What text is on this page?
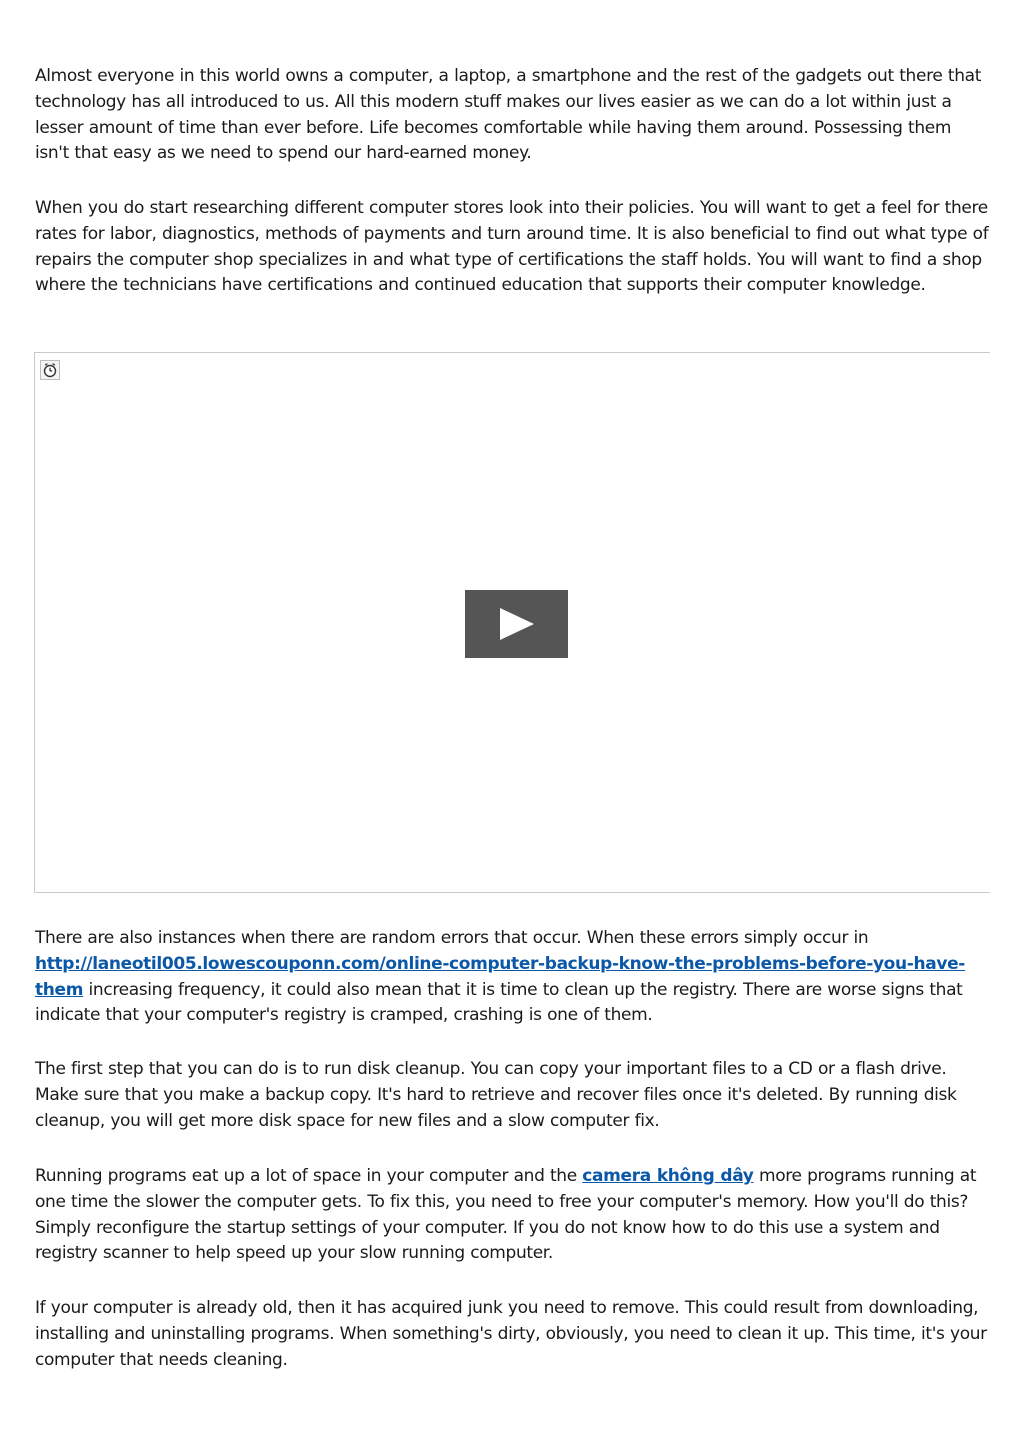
Almost everyone in this world owns a computer, a laptop, a smartphone and the rest of the gadgets out there that technology has all introduced to us. All this modern stuff makes our lives easier as we can do a lot within just a lesser amount of time than ever before. Life becomes comfortable while having them around. Possessing them isn't that easy as we need to spend our hard-earned money.

When you do start researching different computer stores look into their policies. You will want to get a feel for there rates for labor, diagnostics, methods of payments and turn around time. It is also beneficial to find out what type of repairs the computer shop specializes in and what type of certifications the staff holds. You will want to find a shop where the technicians have certifications and continued education that supports their computer knowledge.

There are also instances when there are random errors that occur. When these errors simply occur in http://laneotil005.lowescouponn.com/online-computer-backup-know-the-problems-before-you-have-them increasing frequency, it could also mean that it is time to clean up the registry. There are worse signs that indicate that your computer's registry is cramped, crashing is one of them.

The first step that you can do is to run disk cleanup. You can copy your important files to a CD or a flash drive. Make sure that you make a backup copy. It's hard to retrieve and recover files once it's deleted. By running disk cleanup, you will get more disk space for new files and a slow computer fix.

Running programs eat up a lot of space in your computer and the camera không dây more programs running at one time the slower the computer gets. To fix this, you need to free your computer's memory. How you'll do this? Simply reconfigure the startup settings of your computer. If you do not know how to do this use a system and registry scanner to help speed up your slow running computer.

If your computer is already old, then it has acquired junk you need to remove. This could result from downloading, installing and uninstalling programs. When something's dirty, obviously, you need to clean it up. This time, it's your computer that needs cleaning.
